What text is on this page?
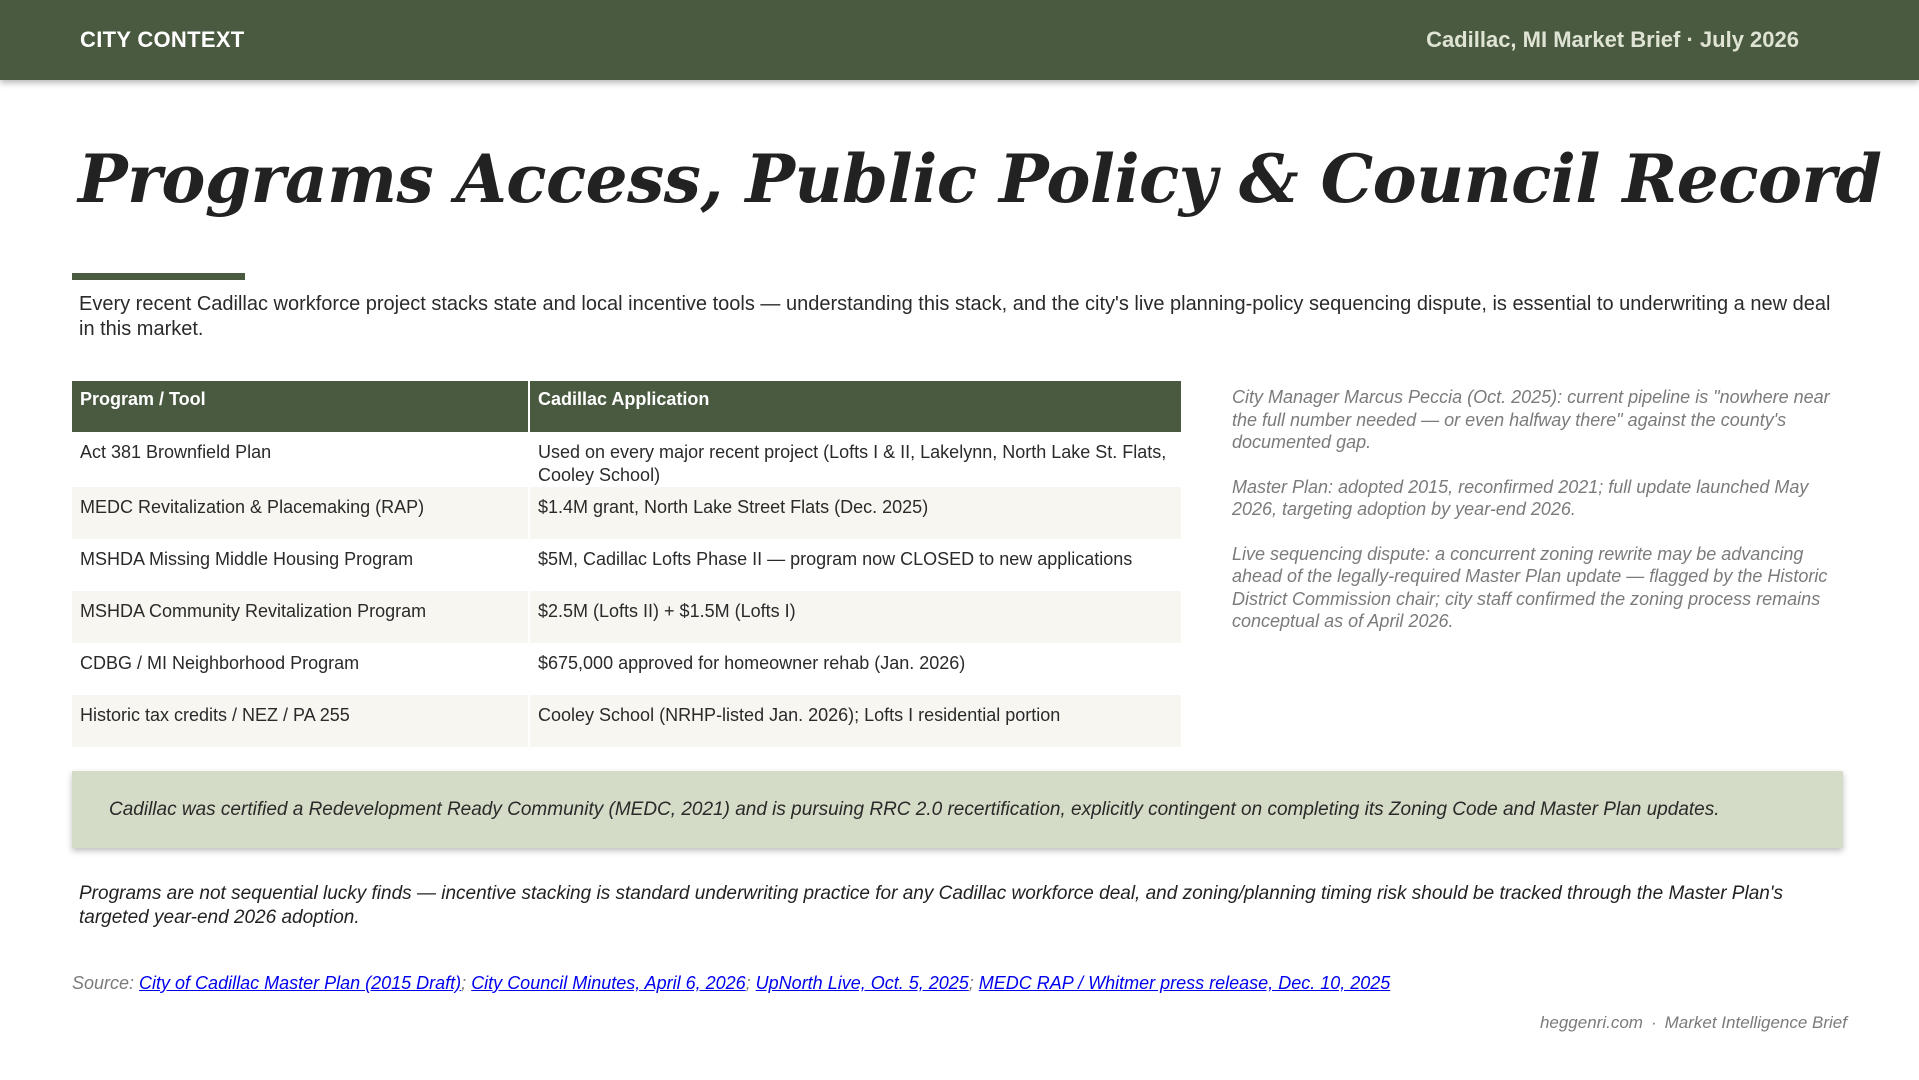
CITY CONTEXT	Cadillac, MI Market Brief · July 2026
Programs Access, Public Policy & Council Record

Every recent Cadillac workforce project stacks state and local incentive tools — understanding this stack, and the city's live planning-policy sequencing dispute, is essential to underwriting a new deal in this market.

Program / Tool	Cadillac Application
Act 381 Brownfield Plan	Used on every major recent project (Lofts I & II, Lakelynn, North Lake St. Flats, Cooley School)
MEDC Revitalization & Placemaking (RAP)	$1.4M grant, North Lake Street Flats (Dec. 2025)
MSHDA Missing Middle Housing Program	$5M, Cadillac Lofts Phase II — program now CLOSED to new applications
MSHDA Community Revitalization Program	$2.5M (Lofts II) + $1.5M (Lofts I)
CDBG / MI Neighborhood Program	$675,000 approved for homeowner rehab (Jan. 2026)
Historic tax credits / NEZ / PA 255	Cooley School (NRHP-listed Jan. 2026); Lofts I residential portion

City Manager Marcus Peccia (Oct. 2025): current pipeline is "nowhere near the full number needed — or even halfway there" against the county's documented gap.

Master Plan: adopted 2015, reconfirmed 2021; full update launched May 2026, targeting adoption by year-end 2026.

Live sequencing dispute: a concurrent zoning rewrite may be advancing ahead of the legally-required Master Plan update — flagged by the Historic District Commission chair; city staff confirmed the zoning process remains conceptual as of April 2026.

Cadillac was certified a Redevelopment Ready Community (MEDC, 2021) and is pursuing RRC 2.0 recertification, explicitly contingent on completing its Zoning Code and Master Plan updates.

Programs are not sequential lucky finds — incentive stacking is standard underwriting practice for any Cadillac workforce deal, and zoning/planning timing risk should be tracked through the Master Plan's targeted year-end 2026 adoption.

Source: City of Cadillac Master Plan (2015 Draft); City Council Minutes, April 6, 2026; UpNorth Live, Oct. 5, 2025; MEDC RAP / Whitmer press release, Dec. 10, 2025
heggenri.com · Market Intelligence Brief
